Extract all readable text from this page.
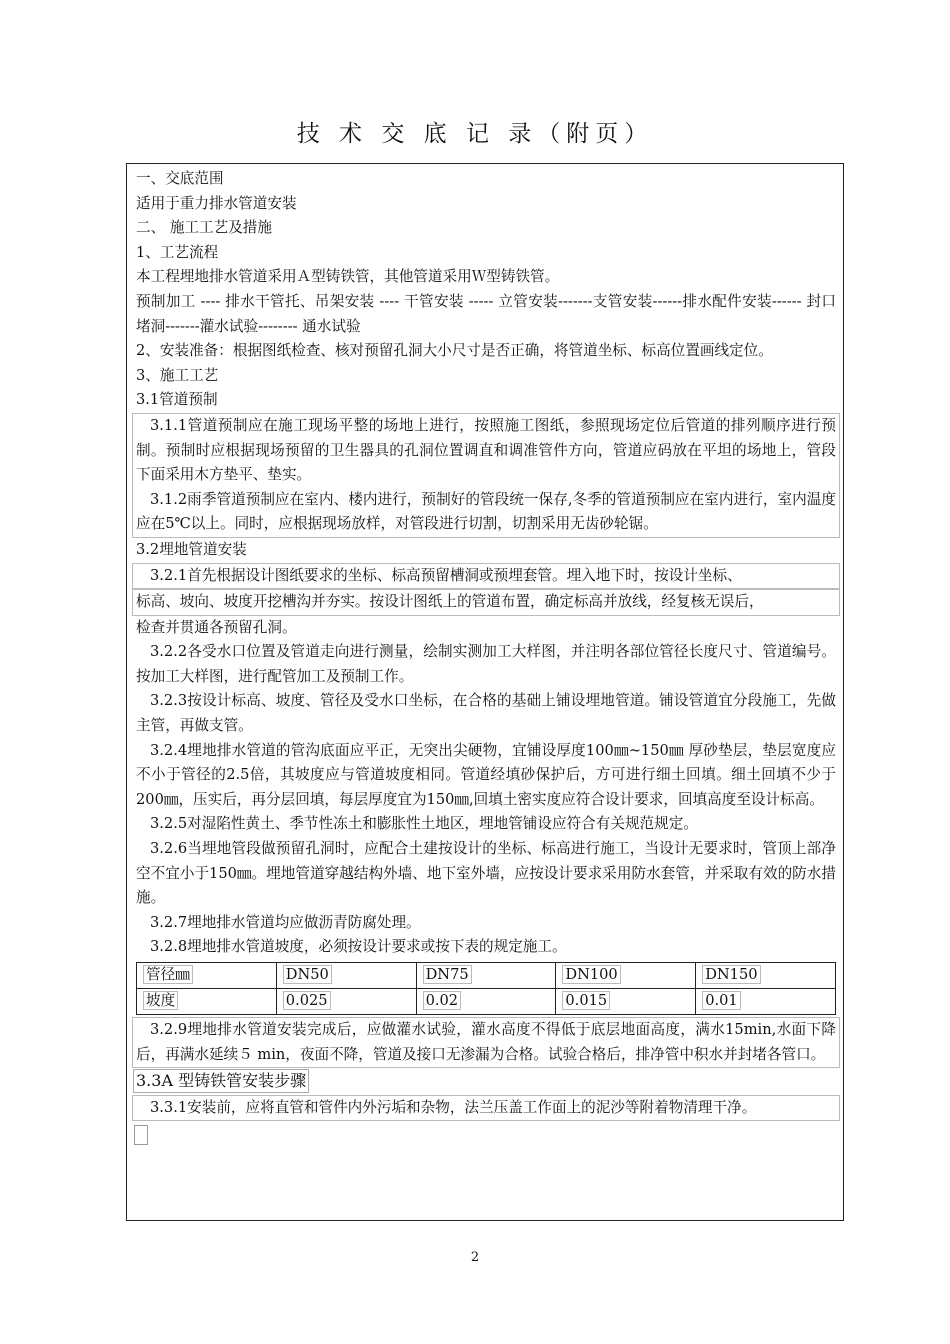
技 术 交 底 记 录（附页）
一、交底范围
适用于重力排水管道安装
二、 施工工艺及措施
1、工艺流程
本工程埋地排水管道采用Ａ型铸铁管，其他管道采用Ｗ型铸铁管。
预制加工 ---- 排水干管托、吊架安装 ---- 干管安装 ----- 立管安装-------支管安装------排水配件安装------ 封口堵洞-------灌水试验-------- 通水试验
2、安装准备：根据图纸检查、核对预留孔洞大小尺寸是否正确，将管道坐标、标高位置画线定位。
3、施工工艺
3.1管道预制
3.1.1管道预制应在施工现场平整的场地上进行，按照施工图纸，参照现场定位后管道的排列顺序进行预制。预制时应根据现场预留的卫生器具的孔洞位置调直和调准管件方向，管道应码放在平坦的场地上，管段下面采用木方垫平、垫实。
3.1.2雨季管道预制应在室内、楼内进行，预制好的管段统一保存,冬季的管道预制应在室内进行，室内温度应在5℃以上。同时，应根据现场放样，对管段进行切割，切割采用无齿砂轮锯。
3.2埋地管道安装
3.2.1首先根据设计图纸要求的坐标、标高预留槽洞或预埋套管。埋入地下时，按设计坐标、
标高、坡向、坡度开挖槽沟并夯实。按设计图纸上的管道布置，确定标高并放线，经复核无误后，
检查并贯通各预留孔洞。
3.2.2各受水口位置及管道走向进行测量，绘制实测加工大样图，并注明各部位管径长度尺寸、管道编号。按加工大样图，进行配管加工及预制工作。
3.2.3按设计标高、坡度、管径及受水口坐标，在合格的基础上铺设埋地管道。铺设管道宜分段施工，先做主管，再做支管。
3.2.4埋地排水管道的管沟底面应平正，无突出尖硬物，宜铺设厚度100㎜~150㎜ 厚砂垫层，垫层宽度应不小于管径的2.5倍，其坡度应与管道坡度相同。管道经填砂保护后，方可进行细土回填。细土回填不少于200㎜，压实后，再分层回填，每层厚度宜为150㎜,回填土密实度应符合设计要求，回填高度至设计标高。
3.2.5对湿陷性黄土、季节性冻土和膨胀性土地区，埋地管铺设应符合有关规范规定。
3.2.6当埋地管段做预留孔洞时，应配合土建按设计的坐标、标高进行施工，当设计无要求时，管顶上部净空不宜小于150㎜。埋地管道穿越结构外墙、地下室外墙，应按设计要求采用防水套管，并采取有效的防水措施。
3.2.7埋地排水管道均应做沥青防腐处理。
3.2.8埋地排水管道坡度，必须按设计要求或按下表的规定施工。
管径㎜	DN50	DN75	DN100	DN150
坡度	0.025	0.02	0.015	0.01
3.2.9埋地排水管道安装完成后，应做灌水试验，灌水高度不得低于底层地面高度，满水15min,水面下降后，再满水延续５ min，夜面不降，管道及接口无渗漏为合格。试验合格后，排净管中积水并封堵各管口。
3.3A 型铸铁管安装步骤
3.3.1安装前，应将直管和管件内外污垢和杂物，法兰压盖工作面上的泥沙等附着物清理干净。
2
